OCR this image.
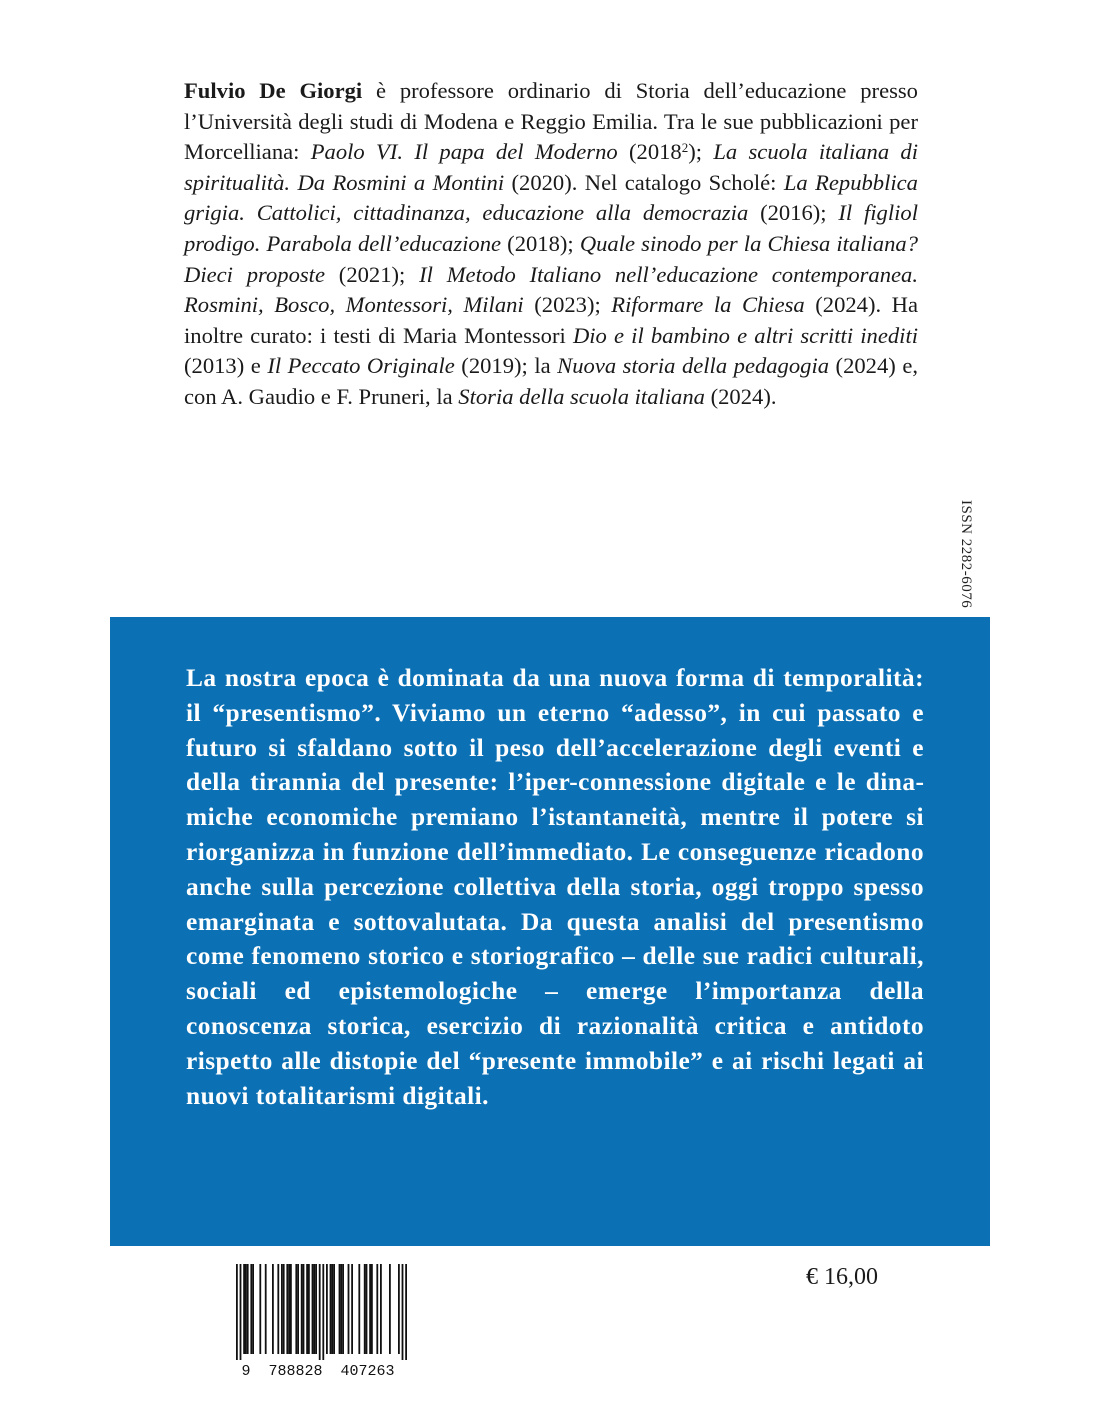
Fulvio De Giorgi è professore ordinario di Storia dell’educazione presso l’Università degli studi di Modena e Reggio Emilia. Tra le sue pubblicazioni per Morcelliana: Paolo VI. Il papa del Moderno (2018$^2$); La scuola italiana di spiritualità. Da Rosmini a Montini (2020). Nel catalogo Scholé: La Repubblica grigia. Cattolici, cittadinanza, educazione alla democrazia (2016); Il figliol prodigo. Parabola dell’educazione (2018); Quale sinodo per la Chiesa italiana? Dieci proposte (2021); Il Metodo Italiano nell’educazione contemporanea. Rosmini, Bosco, Montessori, Milani (2023); Riformare la Chiesa (2024). Ha inoltre curato: i testi di Maria Montessori Dio e il bambino e altri scritti inediti (2013) e Il Peccato Originale (2019); la Nuova storia della pedagogia (2024) e, con A. Gaudio e F. Pruneri, la Storia della scuola italiana (2024).
ISSN 2282-6076
La nostra epoca è dominata da una nuova forma di temporalità: il “presentismo”. Viviamo un eterno “adesso”, in cui passato e futuro si sfaldano sotto il peso dell’accelerazione degli eventi e della tirannia del presente: l’iper-connessione digitale e le dinamiche economiche premiano l’istantaneità, mentre il potere si riorganizza in funzione dell’immediato. Le conseguenze ricadono anche sulla percezione collettiva della storia, oggi troppo spesso emarginata e sottovalutata. Da questa analisi del presentismo come fenomeno storico e storiografico – delle sue radici culturali, sociali ed epistemologiche – emerge l’importanza della conoscenza storica, esercizio di razionalità critica e antidoto rispetto alle distopie del “presente immobile” e ai rischi legati ai nuovi totalitarismi digitali.
9  788828  407263
€ 16,00
